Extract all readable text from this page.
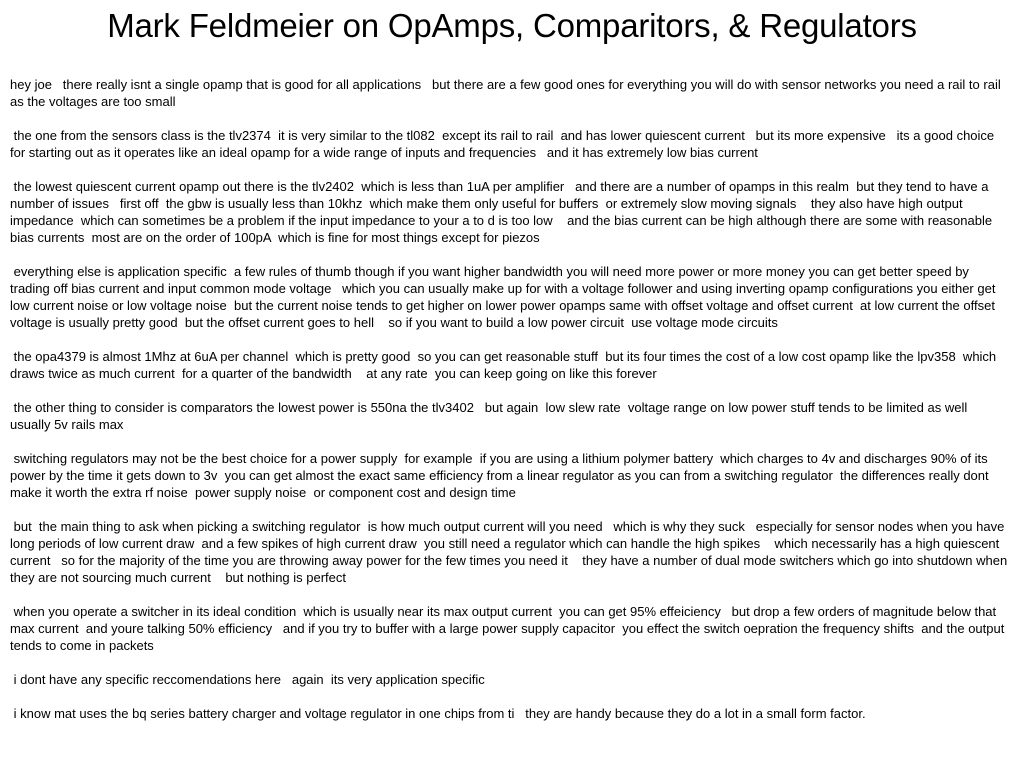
Mark Feldmeier on OpAmps, Comparitors, & Regulators

hey joe   there really isnt a single opamp that is good for all applications   but there are a few good ones for everything you will do with sensor networks you need a rail to rail  as the voltages are too small

the one from the sensors class is the tlv2374  it is very similar to the tl082  except its rail to rail  and has lower quiescent current   but its more expensive   its a good choice for starting out as it operates like an ideal opamp for a wide range of inputs and frequencies   and it has extremely low bias current

the lowest quiescent current opamp out there is the tlv2402  which is less than 1uA per amplifier   and there are a number of opamps in this realm  but they tend to have a number of issues   first off  the gbw is usually less than 10khz  which make them only useful for buffers  or extremely slow moving signals    they also have high output impedance  which can sometimes be a problem if the input impedance to your a to d is too low    and the bias current can be high although there are some with reasonable bias currents  most are on the order of 100pA  which is fine for most things except for piezos

everything else is application specific  a few rules of thumb though if you want higher bandwidth you will need more power or more money you can get better speed by trading off bias current and input common mode voltage   which you can usually make up for with a voltage follower and using inverting opamp configurations you either get low current noise or low voltage noise  but the current noise tends to get higher on lower power opamps same with offset voltage and offset current  at low current the offset voltage is usually pretty good  but the offset current goes to hell    so if you want to build a low power circuit  use voltage mode circuits

the opa4379 is almost 1Mhz at 6uA per channel  which is pretty good  so you can get reasonable stuff  but its four times the cost of a low cost opamp like the lpv358  which draws twice as much current  for a quarter of the bandwidth    at any rate  you can keep going on like this forever

the other thing to consider is comparators the lowest power is 550na the tlv3402   but again  low slew rate  voltage range on low power stuff tends to be limited as well  usually 5v rails max

switching regulators may not be the best choice for a power supply  for example  if you are using a lithium polymer battery  which charges to 4v and discharges 90% of its power by the time it gets down to 3v  you can get almost the exact same efficiency from a linear regulator as you can from a switching regulator  the differences really dont make it worth the extra rf noise  power supply noise  or component cost and design time

but  the main thing to ask when picking a switching regulator  is how much output current will you need   which is why they suck   especially for sensor nodes when you have long periods of low current draw  and a few spikes of high current draw  you still need a regulator which can handle the high spikes    which necessarily has a high quiescent current   so for the majority of the time you are throwing away power for the few times you need it    they have a number of dual mode switchers which go into shutdown when they are not sourcing much current    but nothing is perfect

when you operate a switcher in its ideal condition  which is usually near its max output current  you can get 95% effeiciency   but drop a few orders of magnitude below that max current  and youre talking 50% efficiency   and if you try to buffer with a large power supply capacitor  you effect the switch oepration the frequency shifts  and the output tends to come in packets

i dont have any specific reccomendations here   again  its very application specific

i know mat uses the bq series battery charger and voltage regulator in one chips from ti   they are handy because they do a lot in a small form factor.
